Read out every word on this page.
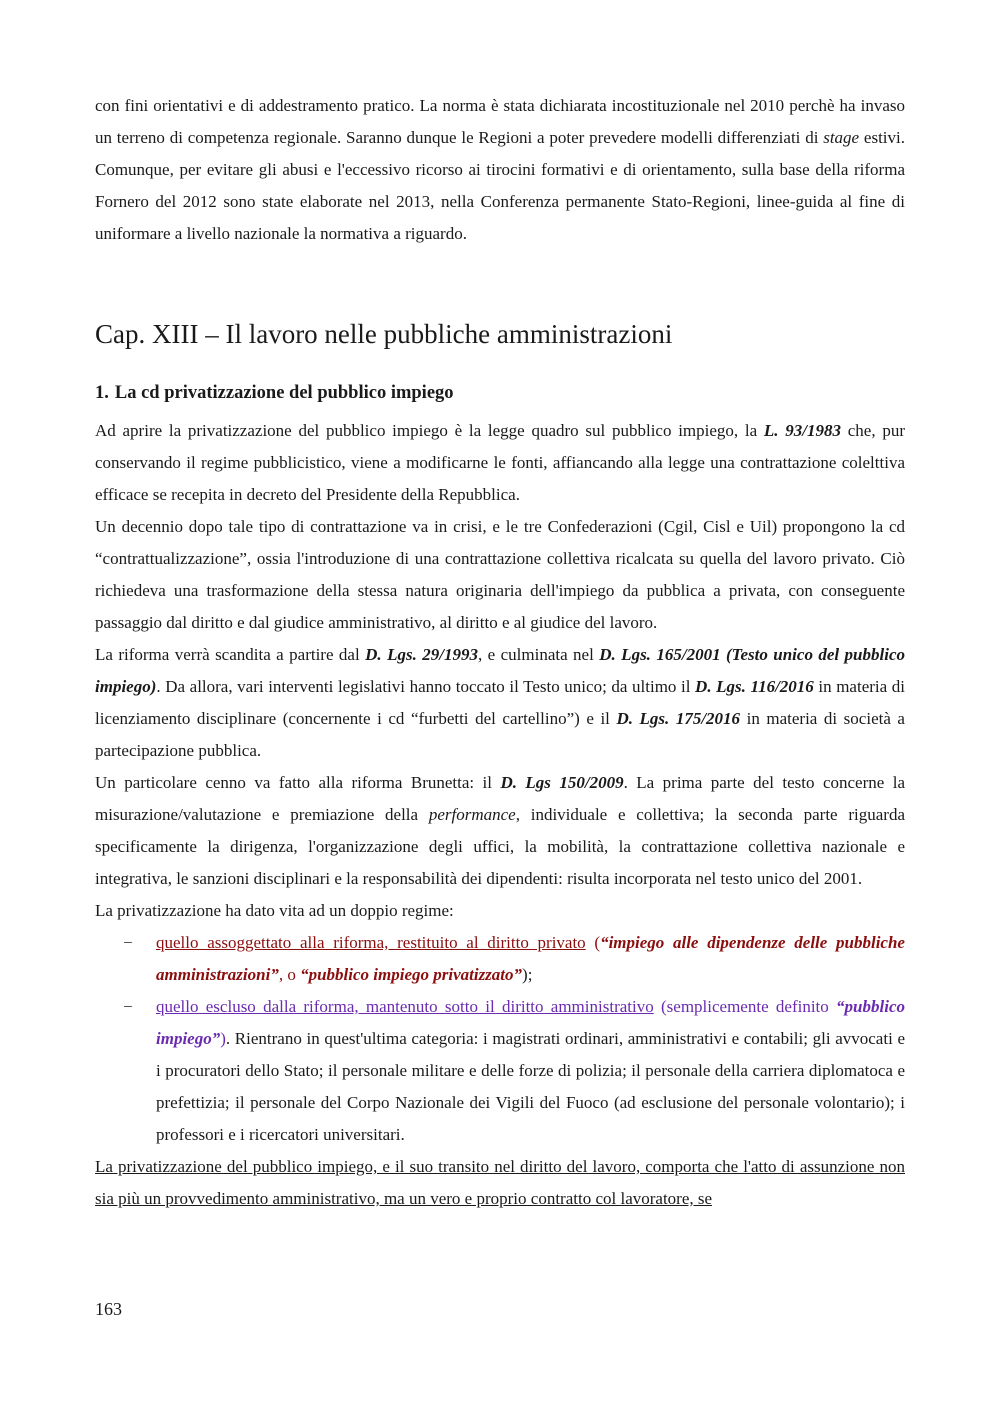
con fini orientativi e di addestramento pratico. La norma è stata dichiarata incostituzionale nel 2010 perchè ha invaso un terreno di competenza regionale. Saranno dunque le Regioni a poter prevedere modelli differenziati di stage estivi. Comunque, per evitare gli abusi e l'eccessivo ricorso ai tirocini formativi e di orientamento, sulla base della riforma Fornero del 2012 sono state elaborate nel 2013, nella Conferenza permanente Stato-Regioni, linee-guida al fine di uniformare a livello nazionale la normativa a riguardo.

Cap. XIII – Il lavoro nelle pubbliche amministrazioni
1. La cd privatizzazione del pubblico impiego

Ad aprire la privatizzazione del pubblico impiego è la legge quadro sul pubblico impiego, la L. 93/1983 che, pur conservando il regime pubblicistico, viene a modificarne le fonti, affiancando alla legge una contrattazione colelttiva efficace se recepita in decreto del Presidente della Repubblica.

Un decennio dopo tale tipo di contrattazione va in crisi, e le tre Confederazioni (Cgil, Cisl e Uil) propongono la cd “contrattualizzazione”, ossia l'introduzione di una contrattazione collettiva ricalcata su quella del lavoro privato. Ciò richiedeva una trasformazione della stessa natura originaria dell'impiego da pubblica a privata, con conseguente passaggio dal diritto e dal giudice amministrativo, al diritto e al giudice del lavoro.

La riforma verrà scandita a partire dal D. Lgs. 29/1993, e culminata nel D. Lgs. 165/2001 (Testo unico del pubblico impiego). Da allora, vari interventi legislativi hanno toccato il Testo unico; da ultimo il D. Lgs. 116/2016 in materia di licenziamento disciplinare (concernente i cd “furbetti del cartellino”) e il D. Lgs. 175/2016 in materia di società a partecipazione pubblica.

Un particolare cenno va fatto alla riforma Brunetta: il D. Lgs 150/2009. La prima parte del testo concerne la misurazione/valutazione e premiazione della performance, individuale e collettiva; la seconda parte riguarda specificamente la dirigenza, l'organizzazione degli uffici, la mobilità, la contrattazione collettiva nazionale e integrativa, le sanzioni disciplinari e la responsabilità dei dipendenti: risulta incorporata nel testo unico del 2001.

La privatizzazione ha dato vita ad un doppio regime:

− quello assoggettato alla riforma, restituito al diritto privato (“impiego alle dipendenze delle pubbliche amministrazioni”, o “pubblico impiego privatizzato”);
− quello escluso dalla riforma, mantenuto sotto il diritto amministrativo (semplicemente definito “pubblico impiego”). Rientrano in quest'ultima categoria: i magistrati ordinari, amministrativi e contabili; gli avvocati e i procuratori dello Stato; il personale militare e delle forze di polizia; il personale della carriera diplomatoca e prefettizia; il personale del Corpo Nazionale dei Vigili del Fuoco (ad esclusione del personale volontario); i professori e i ricercatori universitari.

La privatizzazione del pubblico impiego, e il suo transito nel diritto del lavoro, comporta che l'atto di assunzione non sia più un provvedimento amministrativo, ma un vero e proprio contratto col lavoratore, se

163
